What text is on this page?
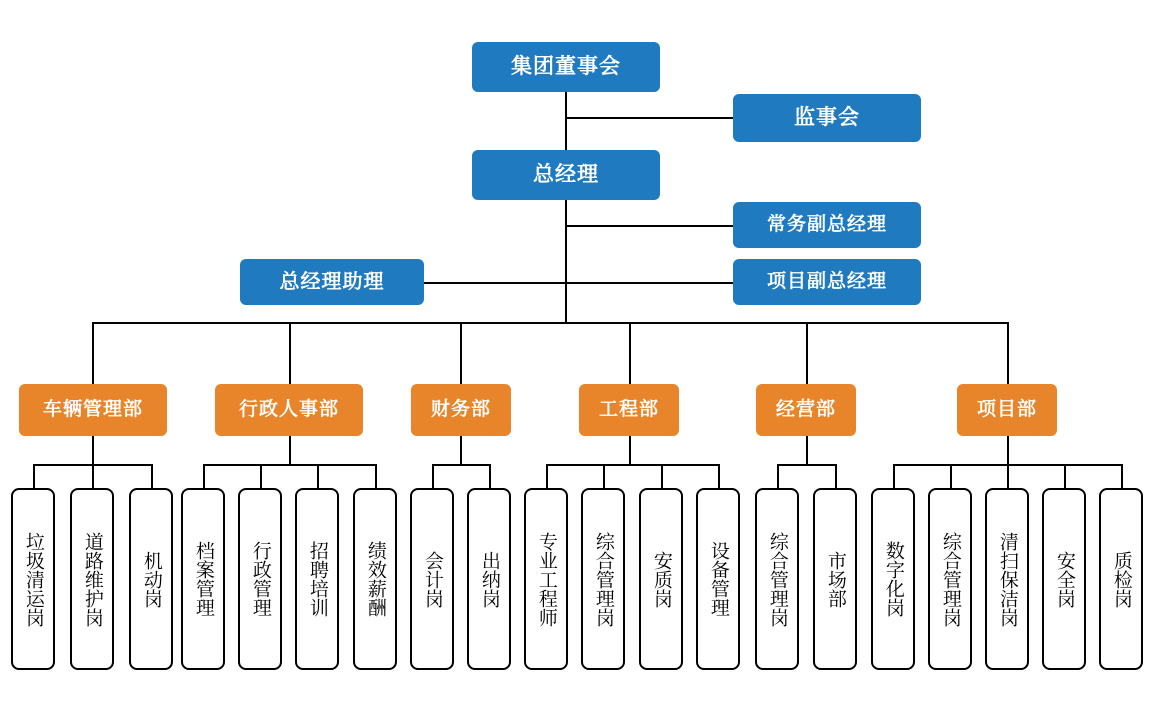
集团董事会
监事会
总经理
常务副总经理
项目副总经理
总经理助理
车辆管理部	行政人事部	财务部	工程部	经营部	项目部
垃圾清运岗	道路维护岗	机动岗	档案管理	行政管理	招聘培训	绩效薪酬	会计岗	出纳岗	专业工程师	综合管理岗	安质岗	设备管理	综合管理岗	市场部	数字化岗	综合管理岗	清扫保洁岗	安全岗	质检岗
